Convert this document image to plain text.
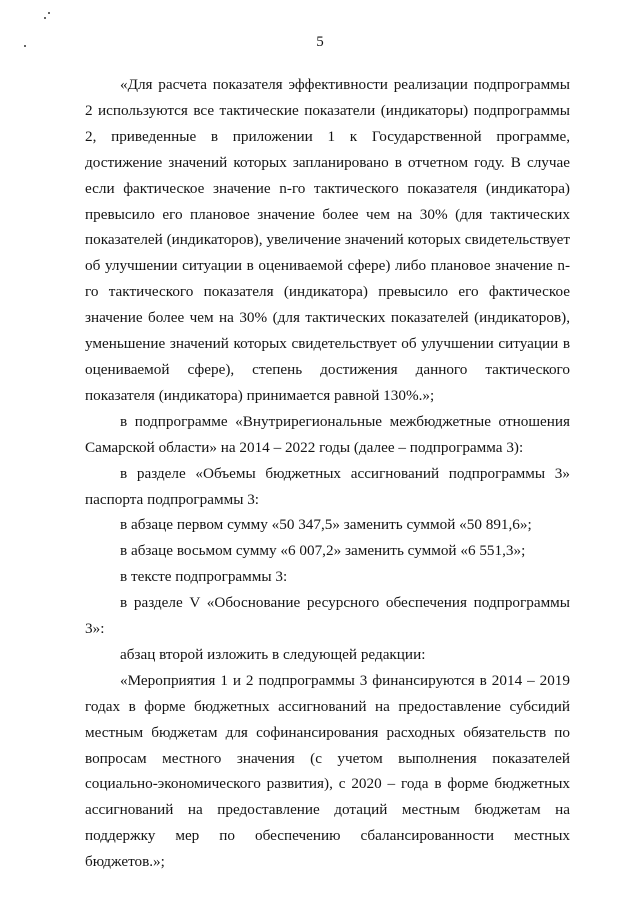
5

«Для расчета показателя эффективности реализации подпрограммы 2 используются все тактические показатели (индикаторы) подпрограммы 2, приведенные в приложении 1 к Государственной программе, достижение значений которых запланировано в отчетном году. В случае если фактическое значение n-го тактического показателя (индикатора) превысило его плановое значение более чем на 30% (для тактических показателей (индикаторов), увеличение значений которых свидетельствует об улучшении ситуации в оцениваемой сфере) либо плановое значение n-го тактического показателя (индикатора) превысило его фактическое значение более чем на 30% (для тактических показателей (индикаторов), уменьшение значений которых свидетельствует об улучшении ситуации в оцениваемой сфере), степень достижения данного тактического показателя (индикатора) принимается равной 130%.»;

в подпрограмме «Внутрирегиональные межбюджетные отношения Самарской области» на 2014 – 2022 годы (далее – подпрограмма 3):

в разделе «Объемы бюджетных ассигнований подпрограммы 3» паспорта подпрограммы 3:

в абзаце первом сумму «50 347,5» заменить суммой «50 891,6»;

в абзаце восьмом сумму «6 007,2» заменить суммой «6 551,3»;

в тексте подпрограммы 3:

в разделе V «Обоснование ресурсного обеспечения подпрограммы 3»:

абзац второй изложить в следующей редакции:

«Мероприятия 1 и 2 подпрограммы 3 финансируются в 2014 – 2019 годах в форме бюджетных ассигнований на предоставление субсидий местным бюджетам для софинансирования расходных обязательств по вопросам местного значения (с учетом выполнения показателей социально-экономического развития), с 2020 – года в форме бюджетных ассигнований на предоставление дотаций местным бюджетам на поддержку мер по обеспечению сбалансированности местных бюджетов.»;
